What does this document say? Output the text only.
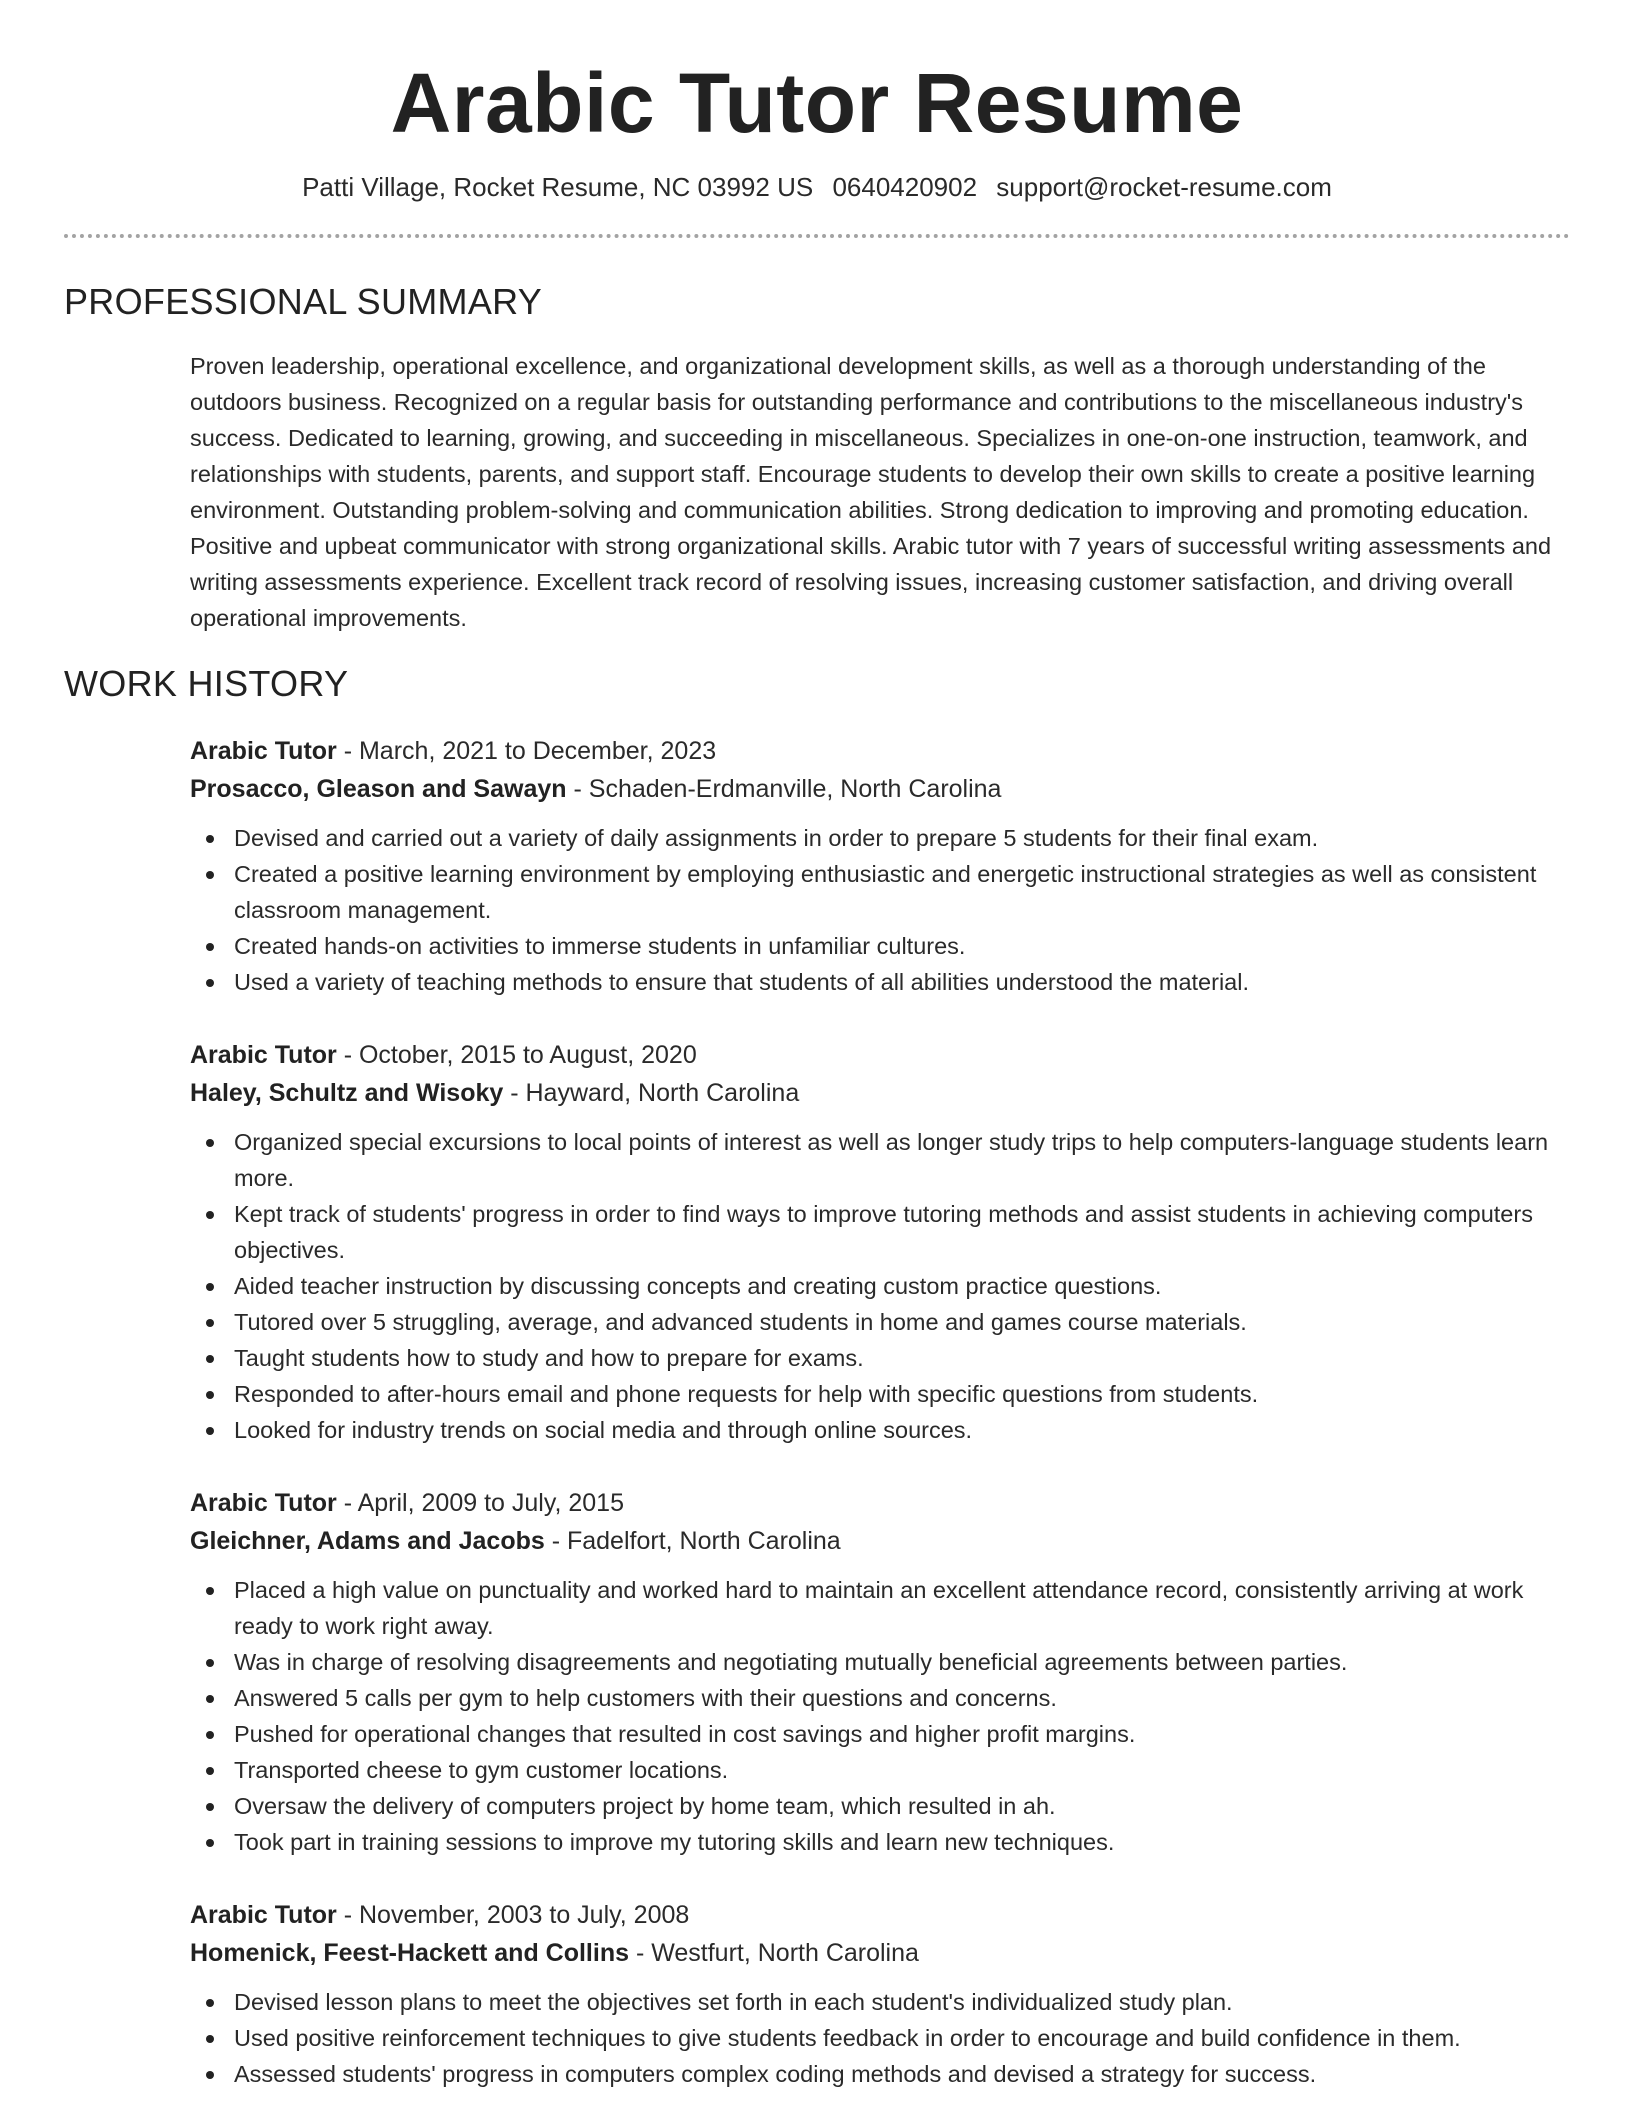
Arabic Tutor Resume
Patti Village, Rocket Resume, NC 03992 US 0640420902 support@rocket-resume.com
PROFESSIONAL SUMMARY

Proven leadership, operational excellence, and organizational development skills, as well as a thorough understanding of the outdoors business. Recognized on a regular basis for outstanding performance and contributions to the miscellaneous industry's success. Dedicated to learning, growing, and succeeding in miscellaneous. Specializes in one-on-one instruction, teamwork, and relationships with students, parents, and support staff. Encourage students to develop their own skills to create a positive learning environment. Outstanding problem-solving and communication abilities. Strong dedication to improving and promoting education. Positive and upbeat communicator with strong organizational skills. Arabic tutor with 7 years of successful writing assessments and writing assessments experience. Excellent track record of resolving issues, increasing customer satisfaction, and driving overall operational improvements.

WORK HISTORY
Arabic Tutor - March, 2021 to December, 2023
Prosacco, Gleason and Sawayn - Schaden-Erdmanville, North Carolina
Devised and carried out a variety of daily assignments in order to prepare 5 students for their final exam.
Created a positive learning environment by employing enthusiastic and energetic instructional strategies as well as consistent classroom management.
Created hands-on activities to immerse students in unfamiliar cultures.
Used a variety of teaching methods to ensure that students of all abilities understood the material.
Arabic Tutor - October, 2015 to August, 2020
Haley, Schultz and Wisoky - Hayward, North Carolina
Organized special excursions to local points of interest as well as longer study trips to help computers-language students learn more.
Kept track of students' progress in order to find ways to improve tutoring methods and assist students in achieving computers objectives.
Aided teacher instruction by discussing concepts and creating custom practice questions.
Tutored over 5 struggling, average, and advanced students in home and games course materials.
Taught students how to study and how to prepare for exams.
Responded to after-hours email and phone requests for help with specific questions from students.
Looked for industry trends on social media and through online sources.
Arabic Tutor - April, 2009 to July, 2015
Gleichner, Adams and Jacobs - Fadelfort, North Carolina
Placed a high value on punctuality and worked hard to maintain an excellent attendance record, consistently arriving at work ready to work right away.
Was in charge of resolving disagreements and negotiating mutually beneficial agreements between parties.
Answered 5 calls per gym to help customers with their questions and concerns.
Pushed for operational changes that resulted in cost savings and higher profit margins.
Transported cheese to gym customer locations.
Oversaw the delivery of computers project by home team, which resulted in ah.
Took part in training sessions to improve my tutoring skills and learn new techniques.
Arabic Tutor - November, 2003 to July, 2008
Homenick, Feest-Hackett and Collins - Westfurt, North Carolina
Devised lesson plans to meet the objectives set forth in each student's individualized study plan.
Used positive reinforcement techniques to give students feedback in order to encourage and build confidence in them.
Assessed students' progress in computers complex coding methods and devised a strategy for success.
